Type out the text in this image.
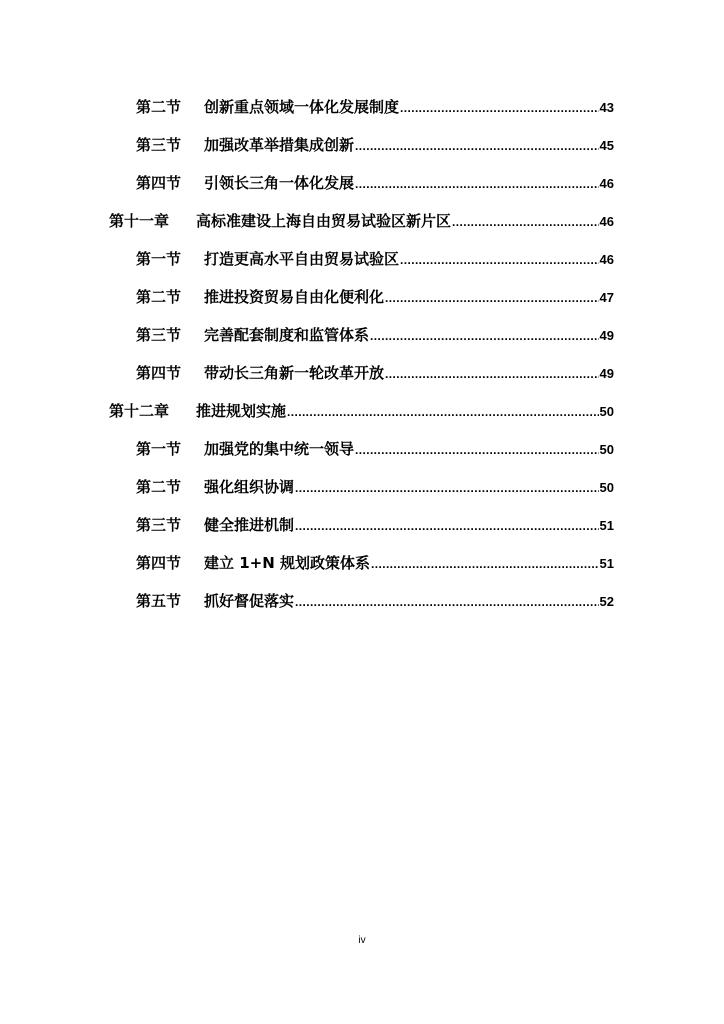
第二节	创新重点领域一体化发展制度 .....	43
第三节	加强改革举措集成创新 .....	45
第四节	引领长三角一体化发展 .....	46
第十一章	高标准建设上海自由贸易试验区新片区 .....	46
第一节	打造更高水平自由贸易试验区 .....	46
第二节	推进投资贸易自由化便利化 .....	47
第三节	完善配套制度和监管体系 .....	49
第四节	带动长三角新一轮改革开放 .....	49
第十二章	推进规划实施 .....	50
第一节	加强党的集中统一领导 .....	50
第二节	强化组织协调 .....	50
第三节	健全推进机制 .....	51
第四节	建立 1+N 规划政策体系 .....	51
第五节	抓好督促落实 .....	52
iv
